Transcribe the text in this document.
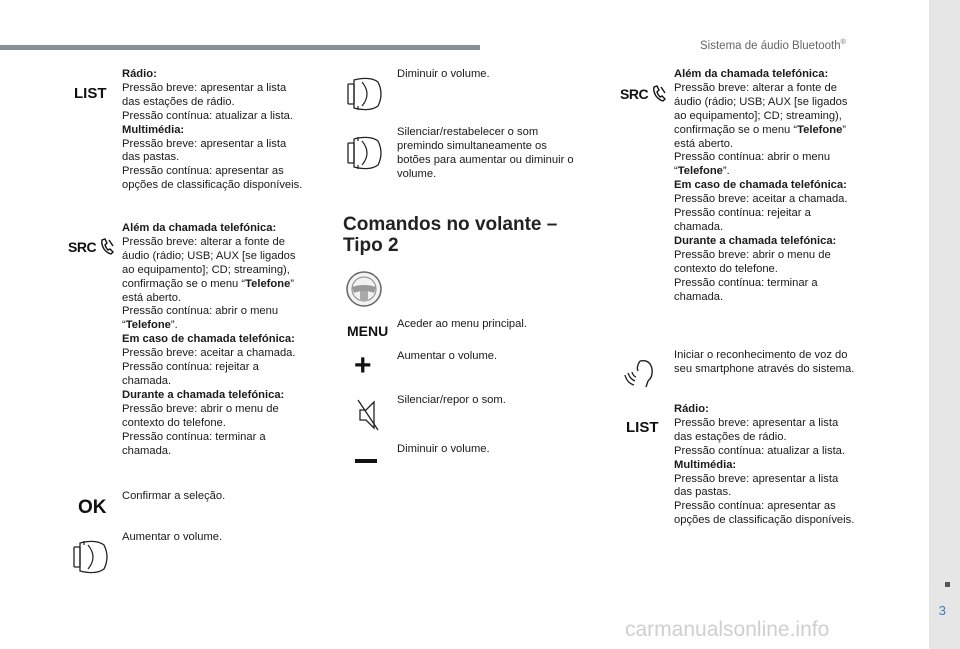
Sistema de áudio Bluetooth®
3
carmanualsonline.info
LIST
Rádio:
Pressão breve: apresentar a lista
das estações de rádio.
Pressão contínua: atualizar a lista.
Multimédia:
Pressão breve: apresentar a lista
das pastas.
Pressão contínua: apresentar as
opções de classificação disponíveis.
SRC
Além da chamada telefónica:
Pressão breve: alterar a fonte de
áudio (rádio; USB; AUX [se ligados
ao equipamento]; CD; streaming),
confirmação se o menu “Telefone”
está aberto.
Pressão contínua: abrir o menu
“Telefone”.
Em caso de chamada telefónica:
Pressão breve: aceitar a chamada.
Pressão contínua: rejeitar a
chamada.
Durante a chamada telefónica:
Pressão breve: abrir o menu de
contexto do telefone.
Pressão contínua: terminar a
chamada.
OK
Confirmar a seleção.
Aumentar o volume.
Diminuir o volume.
Silenciar/restabelecer o som
premindo simultaneamente os
botões para aumentar ou diminuir o
volume.
Comandos no volante –
Tipo 2
MENU Aceder ao menu principal.
+ Aumentar o volume.
Silenciar/repor o som.
Diminuir o volume.
SRC
Além da chamada telefónica:
Pressão breve: alterar a fonte de
áudio (rádio; USB; AUX [se ligados
ao equipamento]; CD; streaming),
confirmação se o menu “Telefone”
está aberto.
Pressão contínua: abrir o menu
“Telefone”.
Em caso de chamada telefónica:
Pressão breve: aceitar a chamada.
Pressão contínua: rejeitar a
chamada.
Durante a chamada telefónica:
Pressão breve: abrir o menu de
contexto do telefone.
Pressão contínua: terminar a
chamada.
Iniciar o reconhecimento de voz do
seu smartphone através do sistema.
LIST
Rádio:
Pressão breve: apresentar a lista
das estações de rádio.
Pressão contínua: atualizar a lista.
Multimédia:
Pressão breve: apresentar a lista
das pastas.
Pressão contínua: apresentar as
opções de classificação disponíveis.
